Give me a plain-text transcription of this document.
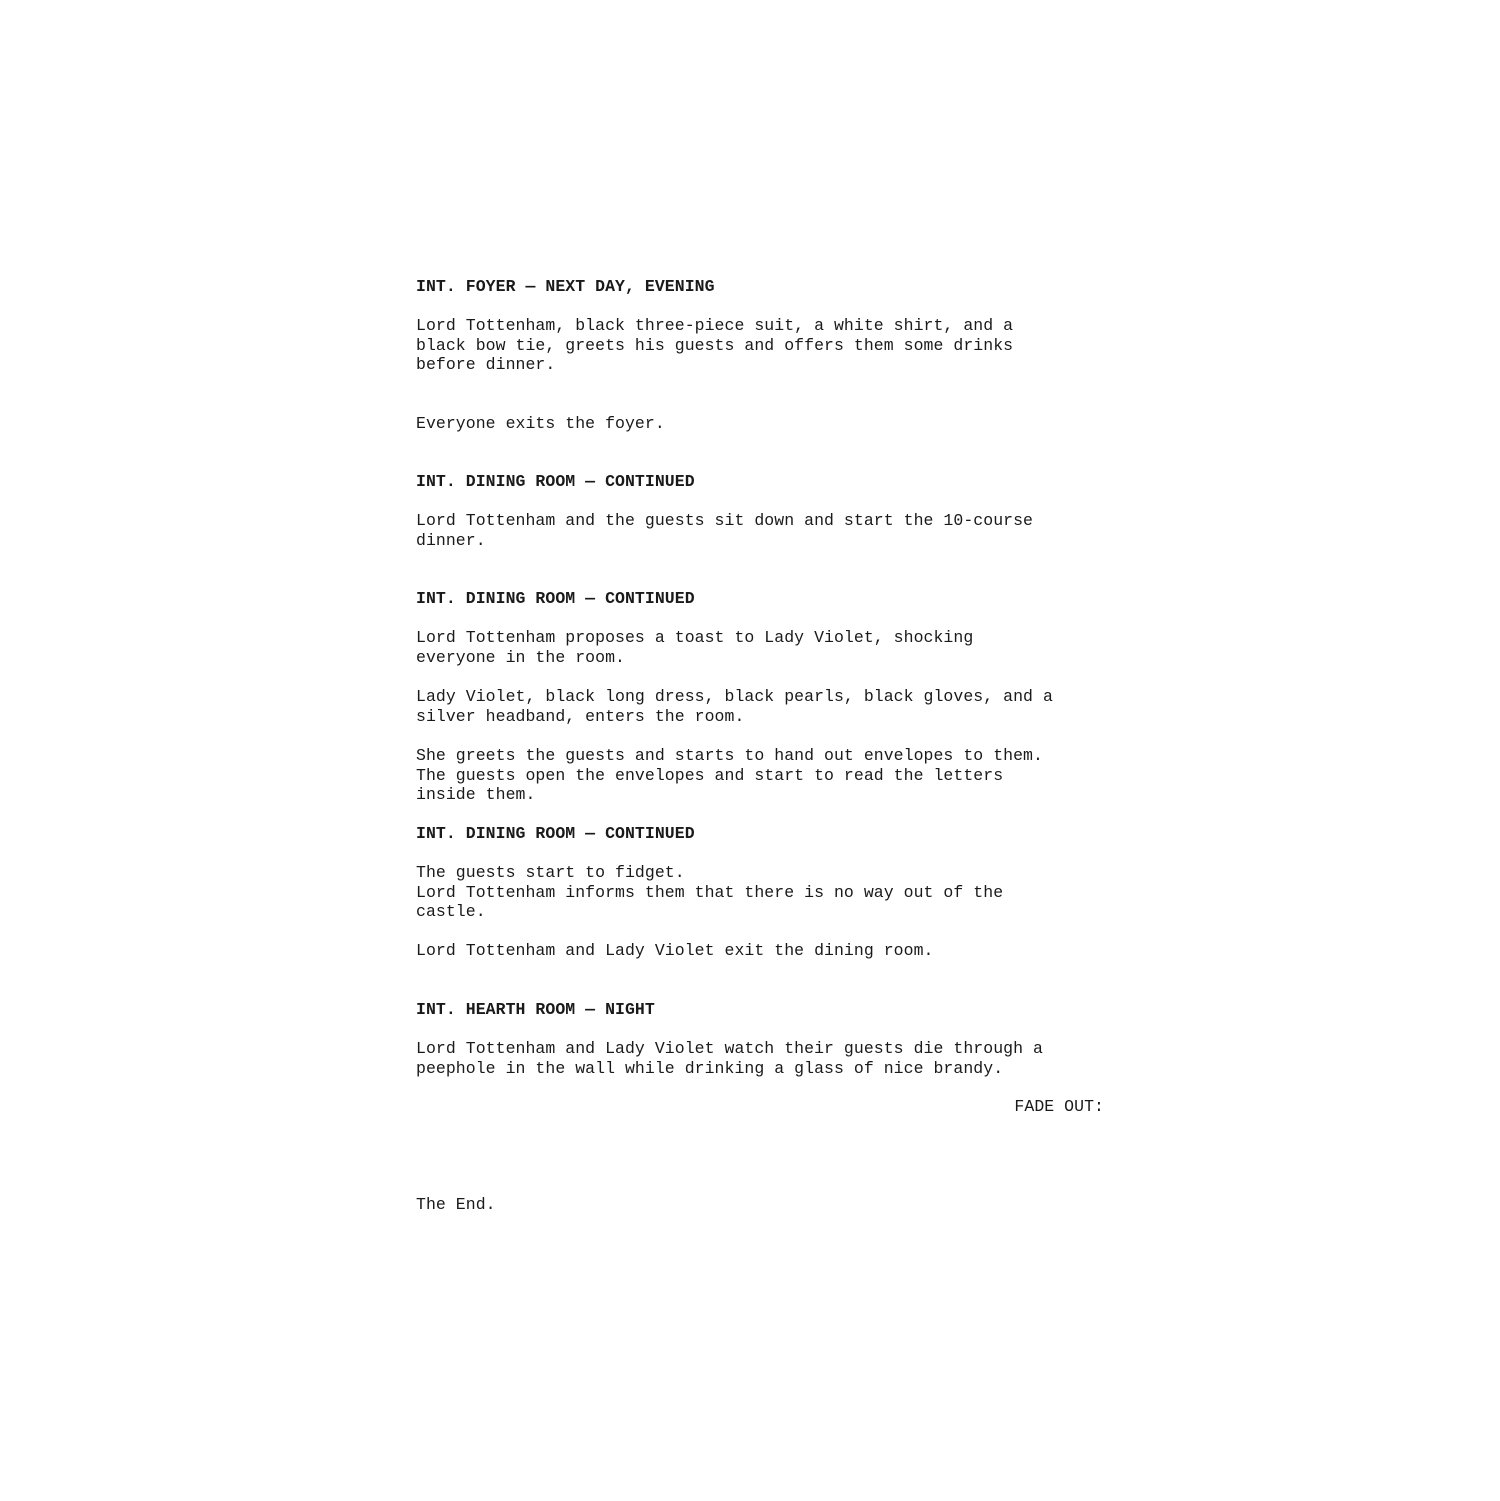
INT. FOYER — NEXT DAY, EVENING

Lord Tottenham, black three-piece suit, a white shirt, and a
black bow tie, greets his guests and offers them some drinks
before dinner.

Everyone exits the foyer.

INT. DINING ROOM — CONTINUED

Lord Tottenham and the guests sit down and start the 10-course
dinner.

INT. DINING ROOM — CONTINUED

Lord Tottenham proposes a toast to Lady Violet, shocking
everyone in the room.

Lady Violet, black long dress, black pearls, black gloves, and a
silver headband, enters the room.

She greets the guests and starts to hand out envelopes to them.
The guests open the envelopes and start to read the letters
inside them.

INT. DINING ROOM — CONTINUED

The guests start to fidget.
Lord Tottenham informs them that there is no way out of the
castle.

Lord Tottenham and Lady Violet exit the dining room.

INT. HEARTH ROOM — NIGHT

Lord Tottenham and Lady Violet watch their guests die through a
peephole in the wall while drinking a glass of nice brandy.

FADE OUT:

The End.
